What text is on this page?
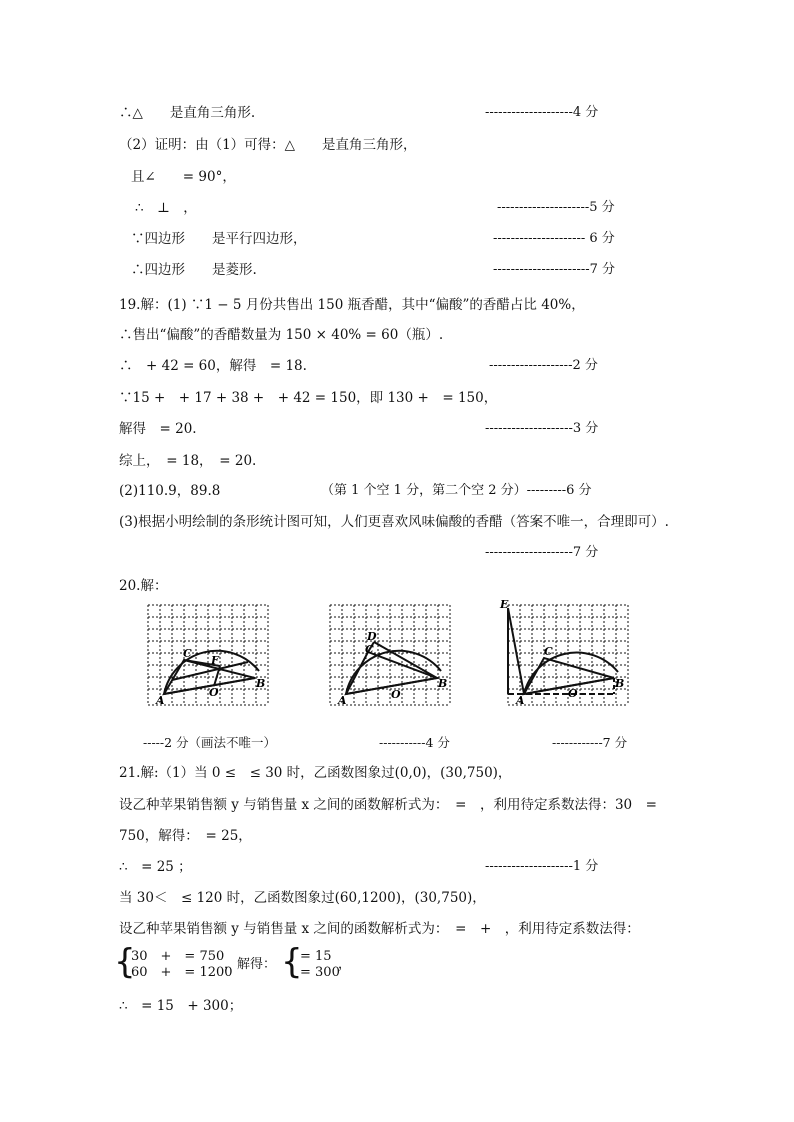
∴△　　是直角三角形.	--------------------4 分
（2）证明：由（1）可得：△　　是直角三角形，
且∠　　= 90°，
∴　⊥　，	---------------------5 分
∵四边形　　是平行四边形，	--------------------- 6 分
∴四边形　　是菱形.	----------------------7 分
19.解：(1) ∵1 − 5 月份共售出 150 瓶香醋，其中“偏酸”的香醋占比 40%，
∴售出“偏酸”的香醋数量为 150 × 40% = 60（瓶）.
∴　+ 42 = 60，解得　= 18.	-------------------2 分
∵15 +　+ 17 + 38 +　+ 42 = 150，即 130 +　= 150，
解得　= 20.	--------------------3 分
综上，　= 18，　= 20.
(2)110.9，89.8	（第 1 个空 1 分，第二个空 2 分）---------6 分
(3)根据小明绘制的条形统计图可知，人们更喜欢风味偏酸的香醋（答案不唯一，合理即可）.
--------------------7 分
20.解：
A
C
F
O
B
-----2 分（画法不唯一）
A
C
D
O
B
-----------4 分
E
A
C
O
B
------------7 分
21.解:（1）当 0 ≤　≤ 30 时，乙函数图象过(0,0)，(30,750)，
设乙种苹果销售额 y 与销售量 x 之间的函数解析式为：　=　，利用待定系数法得：30　=
750，解得：　= 25，
∴　= 25 ；	--------------------1 分
当 30＜　≤ 120 时，乙函数图象过(60,1200)，(30,750)，
设乙种苹果销售额 y 与销售量 x 之间的函数解析式为：　=　+　，利用待定系数法得：
{
30　+　= 750
60　+　= 1200
，解得： {
= 15
= 300
，
∴　= 15　+ 300；
